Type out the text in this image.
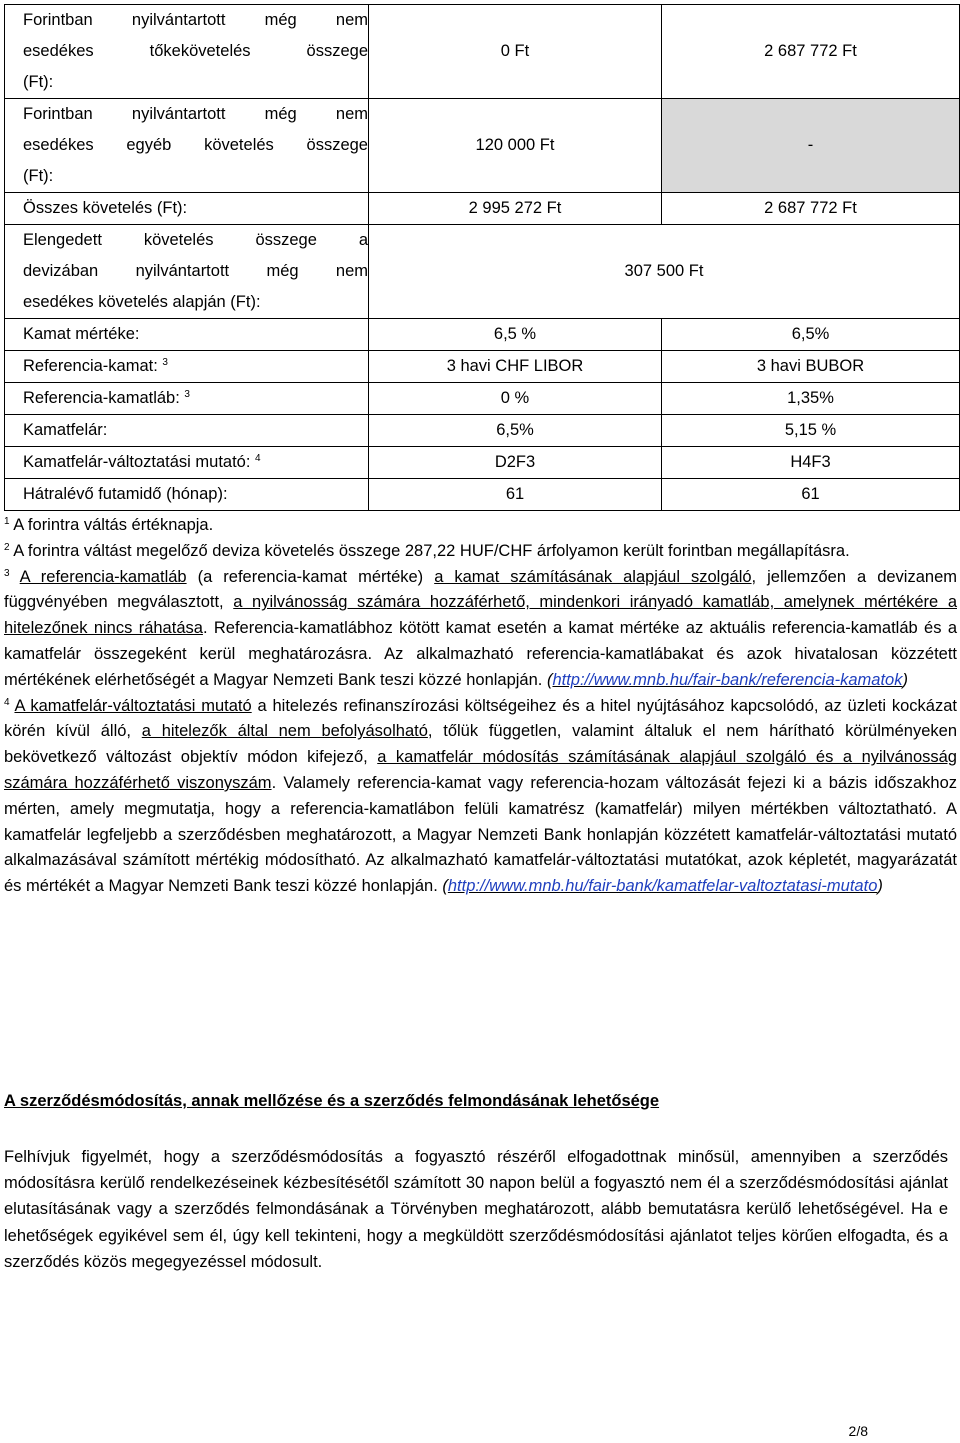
Forintban nyilvántartott még nem
esedékes tőkekövetelés összege
(Ft):	0 Ft	2 687 772 Ft

Forintban nyilvántartott még nem
esedékes egyéb követelés összege
(Ft):	120 000 Ft	-
Összes követelés (Ft):	2 995 272 Ft	2 687 772 Ft

Elengedett követelés összege a
devizában nyilvántartott még nem
esedékes követelés alapján (Ft):	307 500 Ft	
Kamat mértéke:	6,5 %	6,5%
Referencia-kamat: $^3$	3 havi CHF LIBOR	3 havi BUBOR
Referencia-kamatláb: $^3$	0 %	1,35%
Kamatfelár:	6,5%	5,15 %
Kamatfelár-változtatási mutató: $^4$	D2F3	H4F3
Hátralévő futamidő (hónap):	61	61

$^1$ A forintra váltás értéknapja.

$^2$ A forintra váltást megelőző deviza követelés összege 287,22 HUF/CHF árfolyamon került forintban megállapításra.

$^3$ A referencia-kamatláb (a referencia-kamat mértéke) a kamat számításának alapjául szolgáló, jellemzően a devizanem függvényében megválasztott, a nyilvánosság számára hozzáférhető, mindenkori irányadó kamatláb, amelynek mértékére a hitelezőnek nincs ráhatása. Referencia-kamatlábhoz kötött kamat esetén a kamat mértéke az aktuális referencia-kamatláb és a kamatfelár összegeként kerül meghatározásra. Az alkalmazható referencia-kamatlábakat és azok hivatalosan közzétett mértékének elérhetőségét a Magyar Nemzeti Bank teszi közzé honlapján. (http://www.mnb.hu/fair-bank/referencia-kamatok)

$^4$ A kamatfelár-változtatási mutató a hitelezés refinanszírozási költségeihez és a hitel nyújtásához kapcsolódó, az üzleti kockázat körén kívül álló, a hitelezők által nem befolyásolható, tőlük független, valamint általuk el nem hárítható körülményeken bekövetkező változást objektív módon kifejező, a kamatfelár módosítás számításának alapjául szolgáló és a nyilvánosság számára hozzáférhető viszonyszám. Valamely referencia-kamat vagy referencia-hozam változását fejezi ki a bázis időszakhoz mérten, amely megmutatja, hogy a referencia-kamatlábon felüli kamatrész (kamatfelár) milyen mértékben változtatható. A kamatfelár legfeljebb a szerződésben meghatározott, a Magyar Nemzeti Bank honlapján közzétett kamatfelár-változtatási mutató alkalmazásával számított mértékig módosítható. Az alkalmazható kamatfelár-változtatási mutatókat, azok képletét, magyarázatát és mértékét a Magyar Nemzeti Bank teszi közzé honlapján. (http://www.mnb.hu/fair-bank/kamatfelar-valtoztatasi-mutato)

A szerződésmódosítás, annak mellőzése és a szerződés felmondásának lehetősége

Felhívjuk figyelmét, hogy a szerződésmódosítás a fogyasztó részéről elfogadottnak minősül, amennyiben a szerződés módosításra kerülő rendelkezéseinek kézbesítésétől számított 30 napon belül a fogyasztó nem él a szerződésmódosítási ajánlat elutasításának vagy a szerződés felmondásának a Törvényben meghatározott, alább bemutatásra kerülő lehetőségével. Ha e lehetőségek egyikével sem él, úgy kell tekinteni, hogy a megküldött szerződésmódosítási ajánlatot teljes körűen elfogadta, és a szerződés közös megegyezéssel módosult.

2/8
